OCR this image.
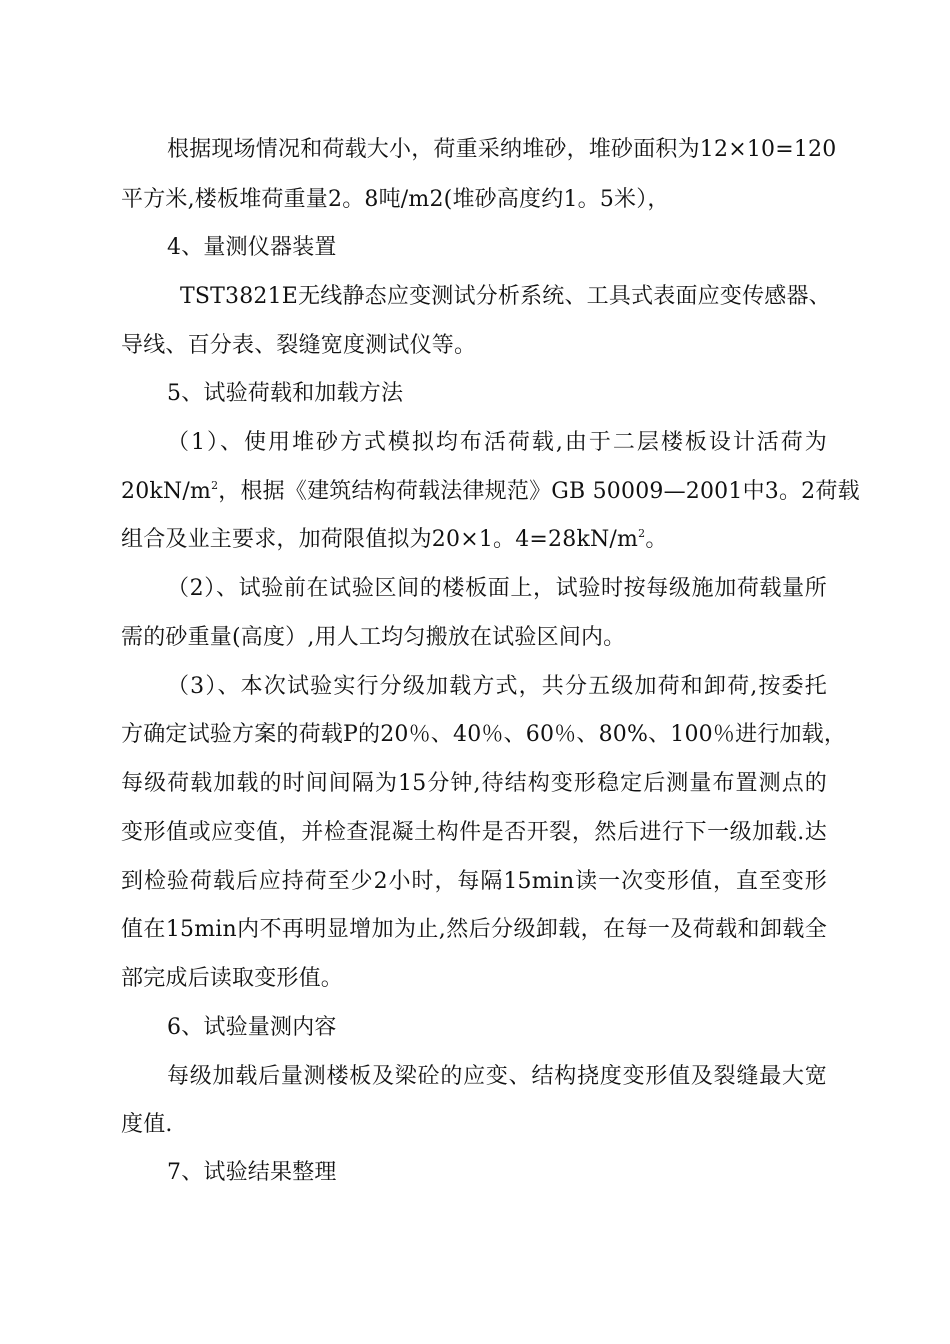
根据现场情况和荷载大小，荷重采纳堆砂，堆砂面积为12×10=120
平方米,楼板堆荷重量2。8吨/m2(堆砂高度约1。5米），
4、量测仪器装置
TST3821E无线静态应变测试分析系统、工具式表面应变传感器、
导线、百分表、裂缝宽度测试仪等。
5、试验荷载和加载方法
（1）、使用堆砂方式模拟均布活荷载,由于二层楼板设计活荷为
$20kN/m^2$，根据《建筑结构荷载法律规范》GB 50009—2001中3。2荷载
组合及业主要求，加荷限值拟为20×1。$4=28kN/m^2$。
（2）、试验前在试验区间的楼板面上，试验时按每级施加荷载量所
需的砂重量(高度）,用人工均匀搬放在试验区间内。
（3）、本次试验实行分级加载方式，共分五级加荷和卸荷,按委托
方确定试验方案的荷载P的20％、40％、60％、80%、100％进行加载，
每级荷载加载的时间间隔为15分钟,待结构变形稳定后测量布置测点的
变形值或应变值，并检查混凝土构件是否开裂，然后进行下一级加载.达
到检验荷载后应持荷至少2小时，每隔15min读一次变形值，直至变形
值在15min内不再明显增加为止,然后分级卸载，在每一及荷载和卸载全
部完成后读取变形值。
6、试验量测内容
每级加载后量测楼板及梁砼的应变、结构挠度变形值及裂缝最大宽
度值.
7、试验结果整理
